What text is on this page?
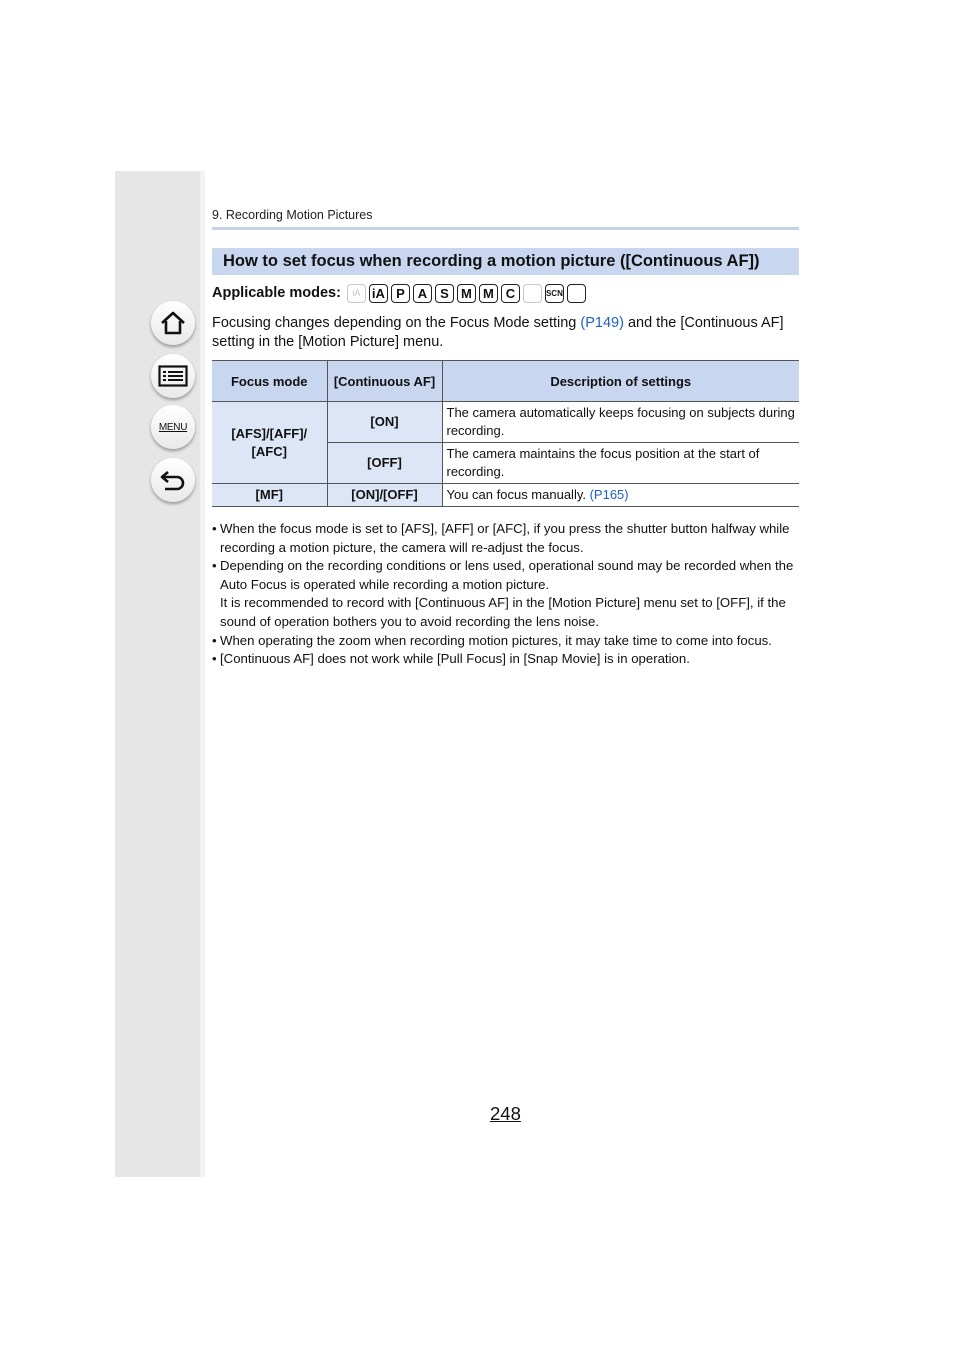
MENU
9. Recording Motion Pictures
How to set focus when recording a motion picture ([Continuous AF])
Applicable modes:	iA iA P A S M M C	SCN
Focusing changes depending on the Focus Mode setting (P149) and the [Continuous AF] setting in the [Motion Picture] menu.
Focus mode	[Continuous AF]	Description of settings
[AFS]/[AFF]/ [AFC]	[ON]	The camera automatically keeps focusing on subjects during recording.
	[OFF]	The camera maintains the focus position at the start of recording.
[MF]	[ON]/[OFF]	You can focus manually. (P165)
• When the focus mode is set to [AFS], [AFF] or [AFC], if you press the shutter button halfway while recording a motion picture, the camera will re-adjust the focus.
• Depending on the recording conditions or lens used, operational sound may be recorded when the Auto Focus is operated while recording a motion picture.
It is recommended to record with [Continuous AF] in the [Motion Picture] menu set to [OFF], if the sound of operation bothers you to avoid recording the lens noise.
• When operating the zoom when recording motion pictures, it may take time to come into focus.
• [Continuous AF] does not work while [Pull Focus] in [Snap Movie] is in operation.
248
